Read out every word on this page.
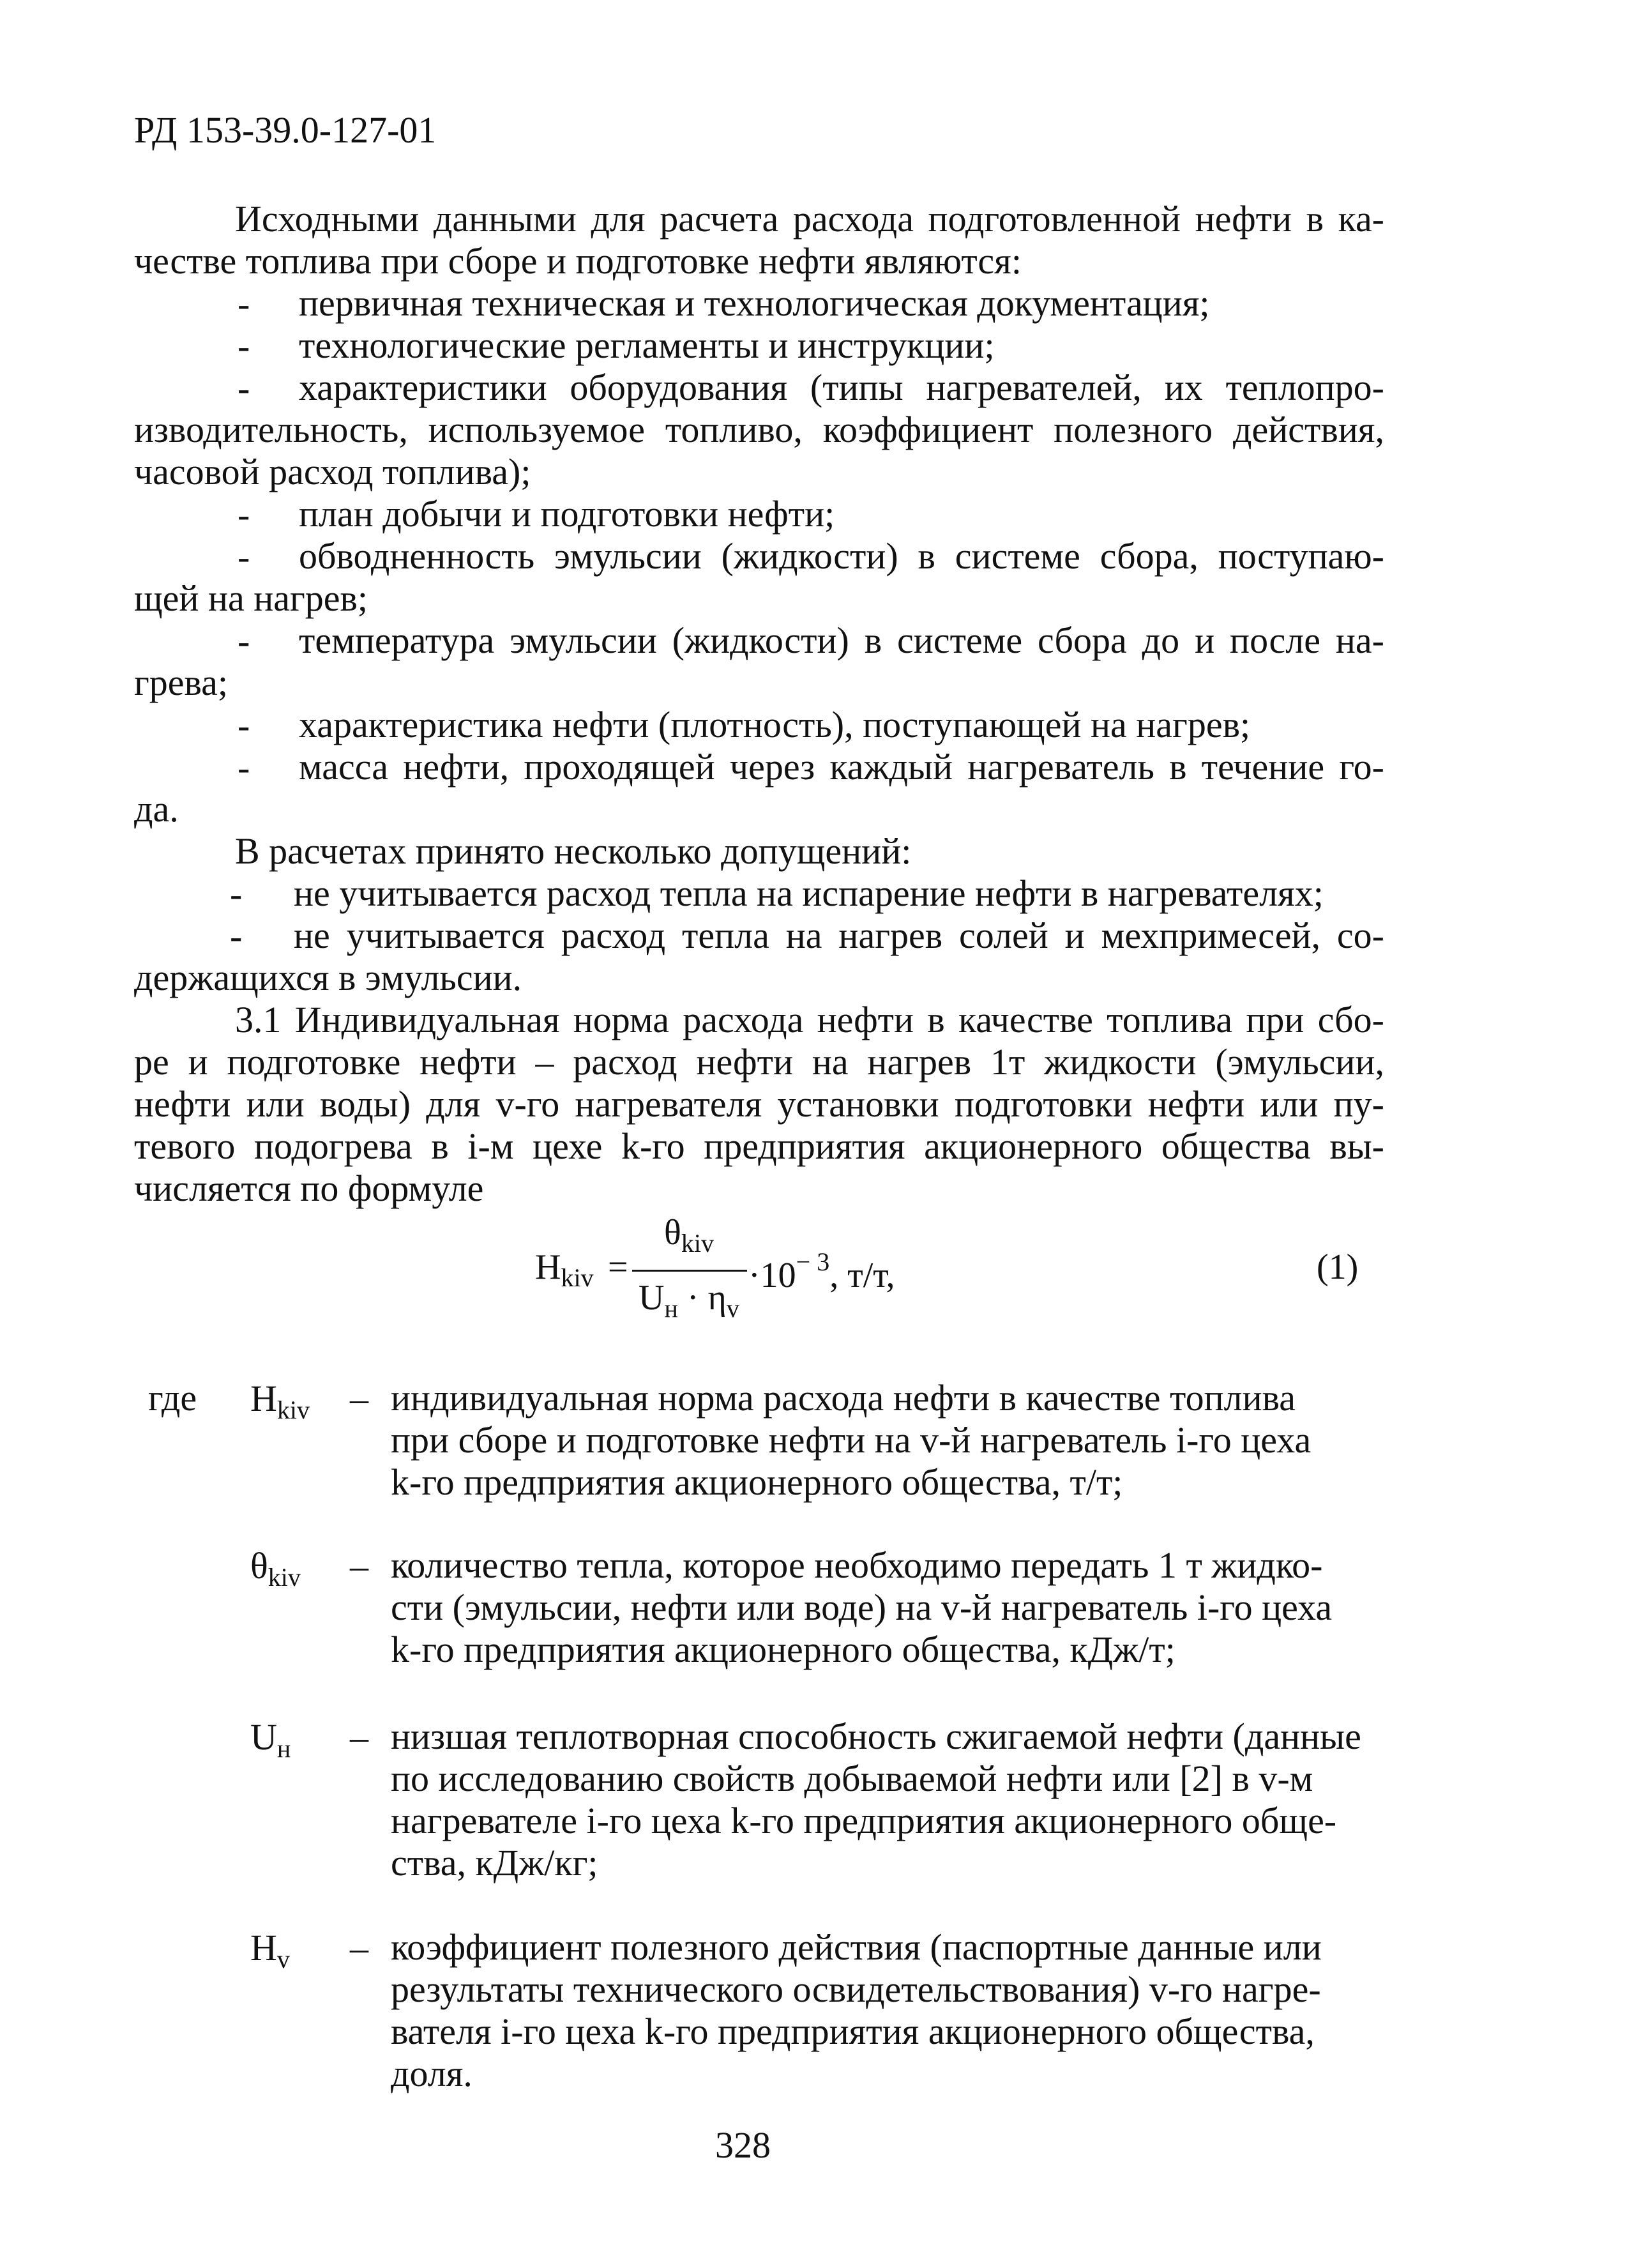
РД 153-39.0-127-01
Исходными данными для расчета расхода подготовленной нефти в ка-
честве топлива при сборе и подготовке нефти являются:
- первичная техническая и технологическая документация;
- технологические регламенты и инструкции;
- характеристики оборудования (типы нагревателей, их теплопро-
изводительность, используемое топливо, коэффициент полезного действия,
часовой расход топлива);
- план добычи и подготовки нефти;
- обводненность эмульсии (жидкости) в системе сбора, поступаю-
щей на нагрев;
- температура эмульсии (жидкости) в системе сбора до и после на-
грева;
- характеристика нефти (плотность), поступающей на нагрев;
- масса нефти, проходящей через каждый нагреватель в течение го-
да.
В расчетах принято несколько допущений:
- не учитывается расход тепла на испарение нефти в нагревателях;
- не учитывается расход тепла на нагрев солей и мехпримесей, со-
держащихся в эмульсии.
3.1 Индивидуальная норма расхода нефти в качестве топлива при сбо-
ре и подготовке нефти – расход нефти на нагрев 1т жидкости (эмульсии,
нефти или воды) для v-го нагревателя установки подготовки нефти или пу-
тевого подогрева в i-м цехе k-го предприятия акционерного общества вы-
числяется по формуле
$H_{kiv}$ =
$\theta_{kiv}$
$U_н \cdot \eta_v$
$\cdot 10^{- 3}$, т/т,	(1)
где $H_{kiv}$ – индивидуальная норма расхода нефти в качестве топлива
при сборе и подготовке нефти на v-й нагреватель i-го цеха
k-го предприятия акционерного общества, т/т;
$\theta_{kiv}$ – количество тепла, которое необходимо передать 1 т жидко-
сти (эмульсии, нефти или воде) на v-й нагреватель i-го цеха
k-го предприятия акционерного общества, кДж/т;
$U_н$ – низшая теплотворная способность сжигаемой нефти (данные
по исследованию свойств добываемой нефти или [2] в v-м
нагревателе i-го цеха k-го предприятия акционерного обще-
ства, кДж/кг;
$H_v$ – коэффициент полезного действия (паспортные данные или
результаты технического освидетельствования) v-го нагре-
вателя i-го цеха k-го предприятия акционерного общества,
доля.
328
